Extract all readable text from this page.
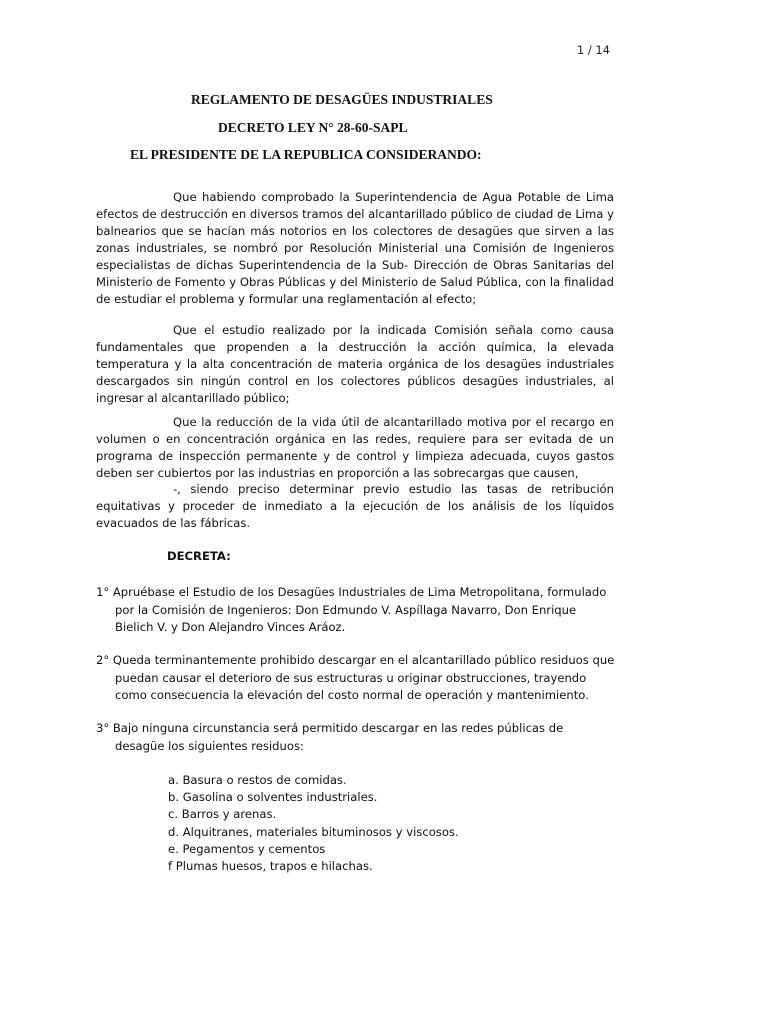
1 / 14
REGLAMENTO DE DESAGÜES INDUSTRIALES
DECRETO LEY N° 28-60-SAPL
EL PRESIDENTE DE LA REPUBLICA CONSIDERANDO:

Que habiendo comprobado la Superintendencia de Agua Potable de Lima efectos de destrucción en diversos tramos del alcantarillado público de ciudad de Lima y balnearios que se hacían más notorios en los colectores de desagües que sirven a las zonas industriales, se nombró por Resolución Ministerial una Comisión de Ingenieros especialistas de dichas Superintendencia de la Sub- Dirección de Obras Sanitarias del Ministerio de Fomento y Obras Públicas y del Ministerio de Salud Pública, con la finalidad de estudiar el problema y formular una reglamentación al efecto;

Que el estudio realizado por la indicada Comisión señala como causa fundamentales que propenden a la destrucción la acción química, la elevada temperatura y la alta concentración de materia orgánica de los desagües industriales descargados sin ningún control en los colectores públicos desagües industriales, al ingresar al alcantarillado público;

Que la reducción de la vida útil de alcantarillado motiva por el recargo en volumen o en concentración orgánica en las redes, requiere para ser evitada de un programa de inspección permanente y de control y limpieza adecuada, cuyos gastos deben ser cubiertos por las industrias en proporción a las sobrecargas que causen,

-, siendo preciso determinar previo estudio las tasas de retribución equitativas y proceder de inmediato a la ejecución de los análisis de los líquidos evacuados de las fábricas.

DECRETA:
1° Apruébase el Estudio de los Desagües Industriales de Lima Metropolitana, formulado por la Comisión de Ingenieros: Don Edmundo V. Aspíllaga Navarro, Don Enrique Bielich V. y Don Alejandro Vinces Aráoz.
2° Queda terminantemente prohibido descargar en el alcantarillado público residuos que puedan causar el deterioro de sus estructuras u originar obstrucciones, trayendo como consecuencia la elevación del costo normal de operación y mantenimiento.
3° Bajo ninguna circunstancia será permitido descargar en las redes públicas de desagüe los siguientes residuos:
a. Basura o restos de comidas.
b. Gasolina o solventes industriales.
c. Barros y arenas.
d. Alquitranes, materiales bituminosos y viscosos.
e. Pegamentos y cementos
f Plumas huesos, trapos e hilachas.
